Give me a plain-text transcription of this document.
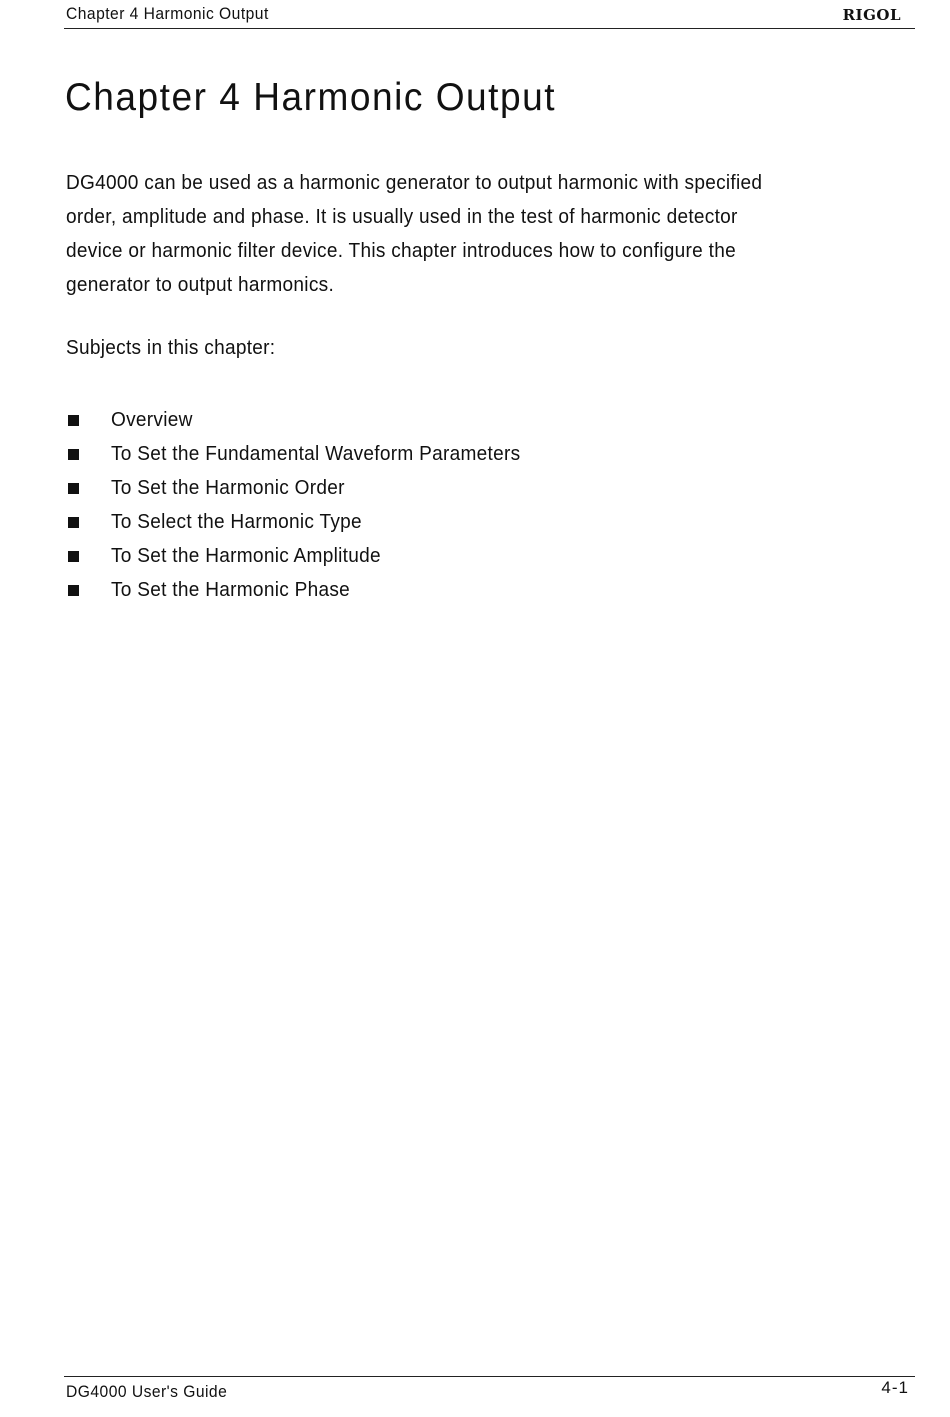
Chapter 4 Harmonic Output	RIGOL
Chapter 4 Harmonic Output

DG4000 can be used as a harmonic generator to output harmonic with specified
order, amplitude and phase. It is usually used in the test of harmonic detector
device or harmonic filter device. This chapter introduces how to configure the
generator to output harmonics.

Subjects in this chapter:
Overview
To Set the Fundamental Waveform Parameters
To Set the Harmonic Order
To Select the Harmonic Type
To Set the Harmonic Amplitude
To Set the Harmonic Phase
DG4000 User's Guide	4-1
